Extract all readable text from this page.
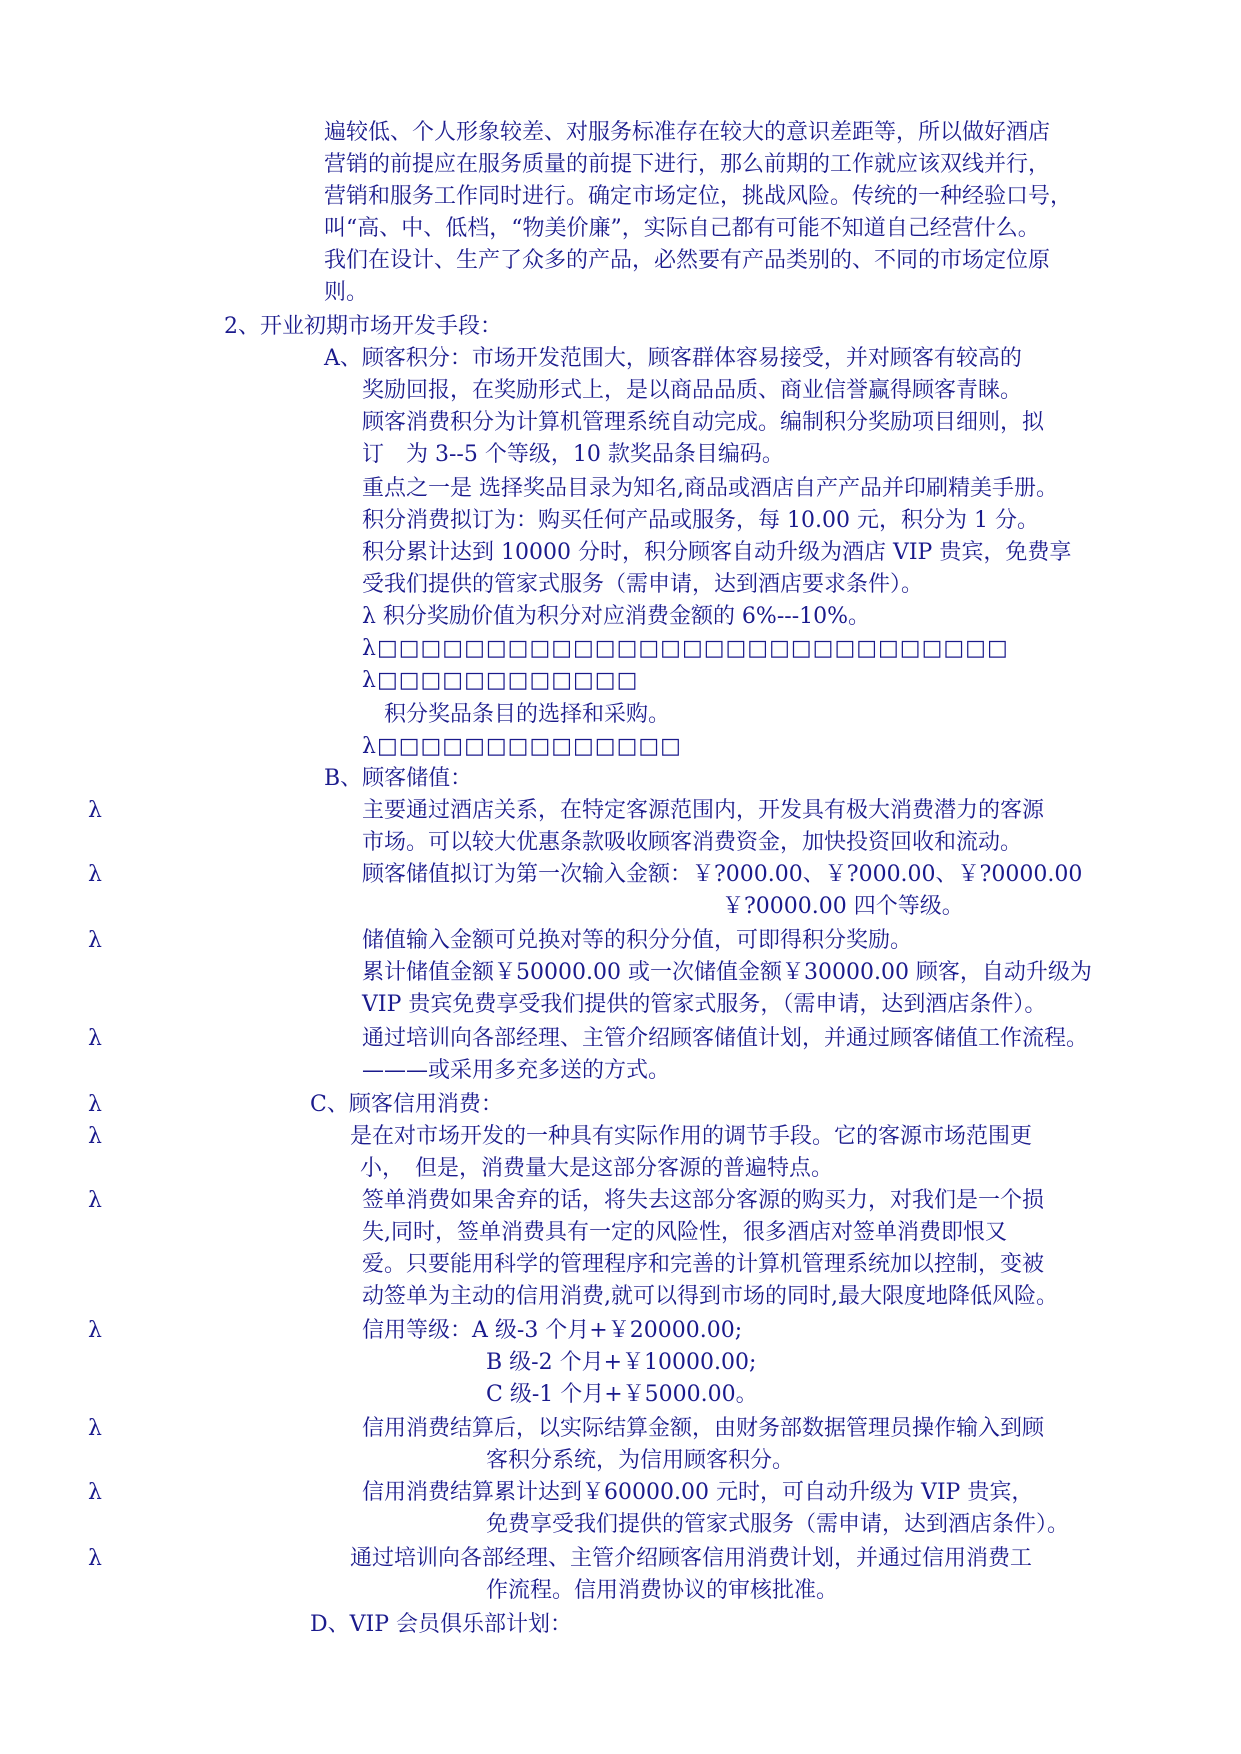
遍较低、个人形象较差、对服务标准存在较大的意识差距等，所以做好酒店
营销的前提应在服务质量的前提下进行，那么前期的工作就应该双线并行，
营销和服务工作同时进行。确定市场定位，挑战风险。传统的一种经验口号，
叫“高、中、低档，“物美价廉”，实际自己都有可能不知道自己经营什么。
我们在设计、生产了众多的产品，必然要有产品类别的、不同的市场定位原
则。
2、开业初期市场开发手段：
A、顾客积分：市场开发范围大，顾客群体容易接受，并对顾客有较高的
奖励回报，在奖励形式上，是以商品品质、商业信誉赢得顾客青睐。
顾客消费积分为计算机管理系统自动完成。编制积分奖励项目细则，拟
订　为 3--5 个等级，10 款奖品条目编码。
重点之一是 选择奖品目录为知名,商品或酒店自产产品并印刷精美手册。
积分消费拟订为：购买任何产品或服务，每 10.00 元，积分为 1 分。
积分累计达到 10000 分时，积分顾客自动升级为酒店 VIP 贵宾，免费享
受我们提供的管家式服务（需申请，达到酒店要求条件）。
λ 积分奖励价值为积分对应消费金额的 6%---10%。
λ□□□□□□□□□□□□□□□□□□□□□□□□□□□□□
λ□□□□□□□□□□□□
积分奖品条目的选择和采购。
λ□□□□□□□□□□□□□□
B、顾客储值：
λ	主要通过酒店关系，在特定客源范围内，开发具有极大消费潜力的客源
市场。可以较大优惠条款吸收顾客消费资金，加快投资回收和流动。
λ	顾客储值拟订为第一次输入金额：￥?000.00、￥?000.00、￥?0000.00
￥?0000.00 四个等级。
λ	储值输入金额可兑换对等的积分分值，可即得积分奖励。
累计储值金额￥50000.00 或一次储值金额￥30000.00 顾客，自动升级为
VIP 贵宾免费享受我们提供的管家式服务，（需申请，达到酒店条件）。
λ	通过培训向各部经理、主管介绍顾客储值计划，并通过顾客储值工作流程。
———或采用多充多送的方式。
λ	C、顾客信用消费：
λ	是在对市场开发的一种具有实际作用的调节手段。它的客源市场范围更
小，　但是，消费量大是这部分客源的普遍特点。
λ	签单消费如果舍弃的话，将失去这部分客源的购买力，对我们是一个损
失,同时，签单消费具有一定的风险性，很多酒店对签单消费即恨又
爱。只要能用科学的管理程序和完善的计算机管理系统加以控制，变被
动签单为主动的信用消费,就可以得到市场的同时,最大限度地降低风险。
λ	信用等级：A 级-3 个月+￥20000.00;
B 级-2 个月+￥10000.00;
C 级-1 个月+￥5000.00。
λ	信用消费结算后，以实际结算金额，由财务部数据管理员操作输入到顾
客积分系统，为信用顾客积分。
λ	信用消费结算累计达到￥60000.00 元时，可自动升级为 VIP 贵宾，
免费享受我们提供的管家式服务（需申请，达到酒店条件）。
λ	通过培训向各部经理、主管介绍顾客信用消费计划，并通过信用消费工
作流程。信用消费协议的审核批准。
D、VIP 会员俱乐部计划：
